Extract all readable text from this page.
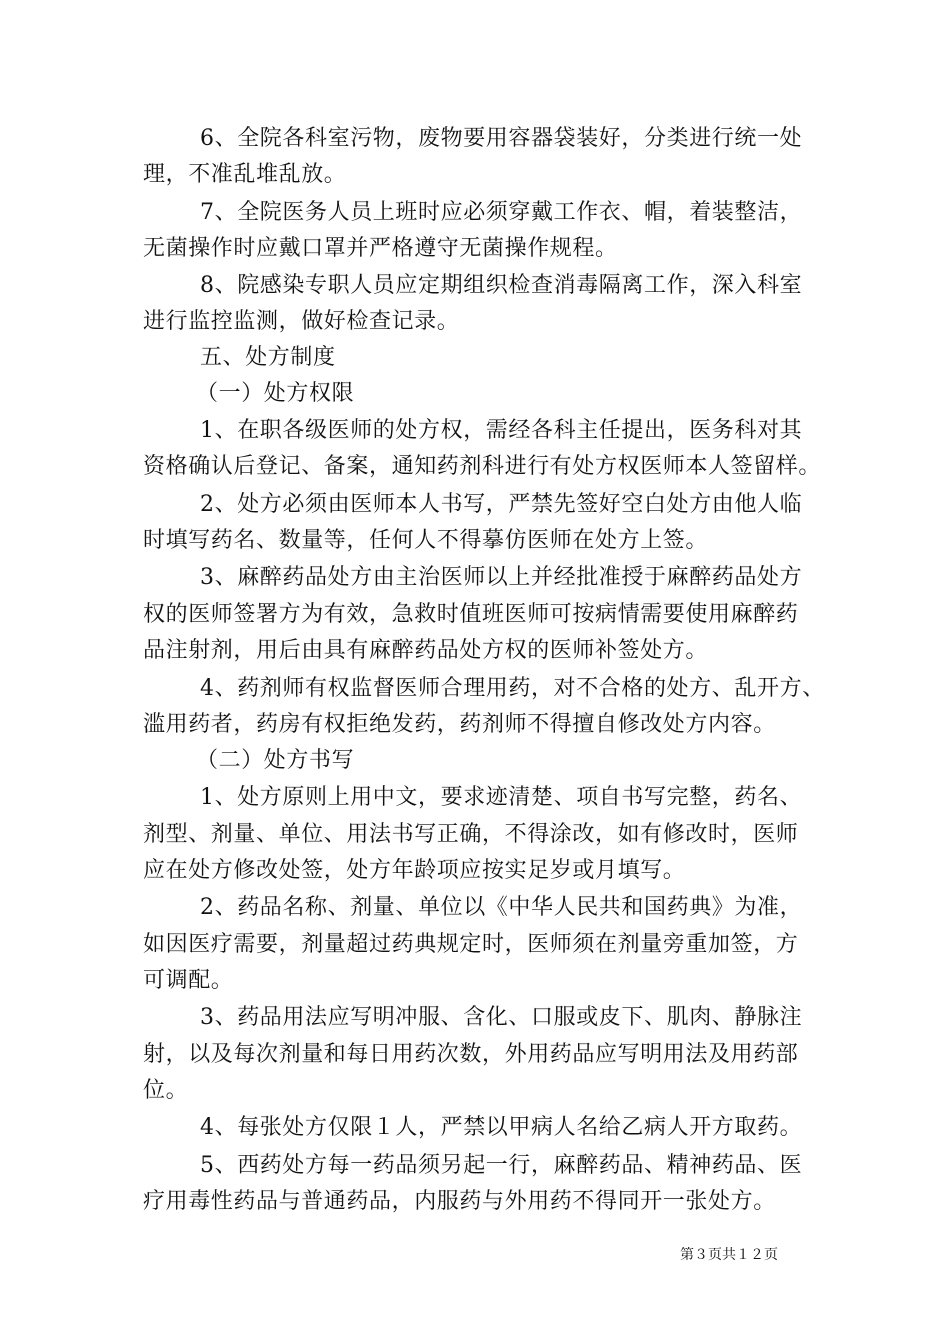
6、全院各科室污物，废物要用容器袋装好，分类进行统一处
理，不准乱堆乱放。
7、全院医务人员上班时应必须穿戴工作衣、帽，着装整洁，
无菌操作时应戴口罩并严格遵守无菌操作规程。
8、院感染专职人员应定期组织检查消毒隔离工作，深入科室
进行监控监测，做好检查记录。
五、处方制度
（一）处方权限
1、在职各级医师的处方权，需经各科主任提出，医务科对其
资格确认后登记、备案，通知药剂科进行有处方权医师本人签留样。
2、处方必须由医师本人书写，严禁先签好空白处方由他人临
时填写药名、数量等，任何人不得摹仿医师在处方上签。
3、麻醉药品处方由主治医师以上并经批准授于麻醉药品处方
权的医师签署方为有效，急救时值班医师可按病情需要使用麻醉药
品注射剂，用后由具有麻醉药品处方权的医师补签处方。
4、药剂师有权监督医师合理用药，对不合格的处方、乱开方、
滥用药者，药房有权拒绝发药，药剂师不得擅自修改处方内容。
（二）处方书写
1、处方原则上用中文，要求迹清楚、项自书写完整，药名、
剂型、剂量、单位、用法书写正确，不得涂改，如有修改时，医师
应在处方修改处签，处方年龄项应按实足岁或月填写。
2、药品名称、剂量、单位以《中华人民共和国药典》为准，
如因医疗需要，剂量超过药典规定时，医师须在剂量旁重加签，方
可调配。
3、药品用法应写明冲服、含化、口服或皮下、肌肉、静脉注
射，以及每次剂量和每日用药次数，外用药品应写明用法及用药部
位。
4、每张处方仅限１人，严禁以甲病人名给乙病人开方取药。
5、西药处方每一药品须另起一行，麻醉药品、精神药品、医
疗用毒性药品与普通药品，内服药与外用药不得同开一张处方。
第３页共１２页
